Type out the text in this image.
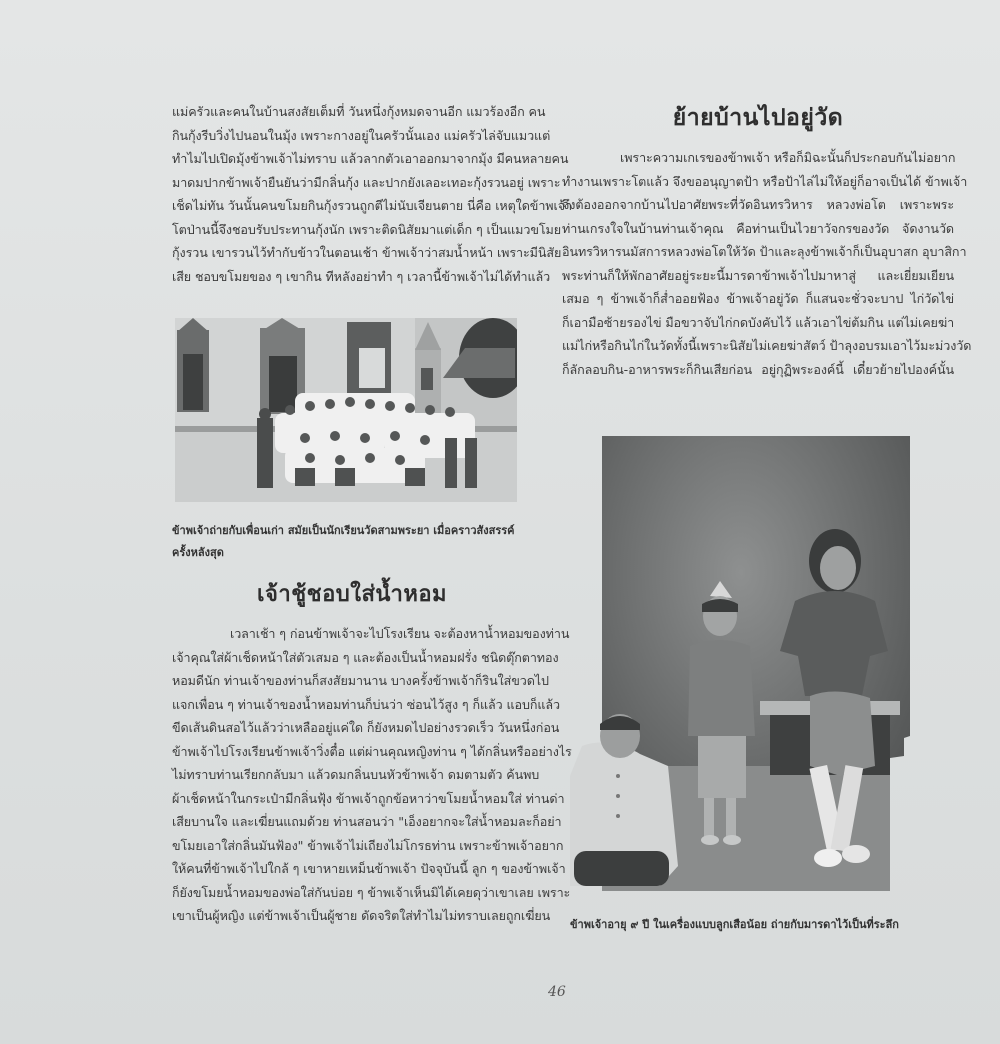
แม่ครัวและคนในบ้านสงสัยเต็มที่ วันหนึ่งกุ้งหมดจานอีก แมวร้องอีก คน
กินกุ้งรีบวิ่งไปนอนในมุ้ง เพราะกางอยู่ในครัวนั้นเอง แม่ครัวไล่จับแมวแต่
ทำไมไปเปิดมุ้งข้าพเจ้าไม่ทราบ แล้วลากตัวเอาออกมาจากมุ้ง มีคนหลายคน
มาดมปากข้าพเจ้ายืนยันว่ามีกลิ่นกุ้ง และปากยังเลอะเทอะกุ้งรวนอยู่ เพราะ
เช็ดไม่ทัน วันนั้นคนขโมยกินกุ้งรวนถูกตีไม่นับเจียนตาย นี่คือ เหตุใดข้าพเจ้า
โตป่านนี้จึงชอบรับประทานกุ้งนัก เพราะติดนิสัยมาแต่เด็ก ๆ เป็นแมวขโมย
กุ้งรวน เขารวนไว้ทำกับข้าวในตอนเช้า ข้าพเจ้าว่าสมน้ำหน้า เพราะมีนิสัย
เสีย ชอบขโมยของ ๆ เขากิน ทีหลังอย่าทำ ๆ เวลานี้ข้าพเจ้าไม่ได้ทำแล้ว

ข้าพเจ้าถ่ายกับเพื่อนเก่า สมัยเป็นนักเรียนวัดสามพระยา เมื่อคราวสังสรรค์
ครั้งหลังสุด

เจ้าชู้ชอบใส่น้ำหอม

เวลาเช้า ๆ ก่อนข้าพเจ้าจะไปโรงเรียน จะต้องหาน้ำหอมของท่าน
เจ้าคุณใส่ผ้าเช็ดหน้าใส่ตัวเสมอ ๆ และต้องเป็นน้ำหอมฝรั่ง ชนิดตุ๊กตาทอง
หอมดีนัก ท่านเจ้าของท่านก็สงสัยมานาน บางครั้งข้าพเจ้าก็รินใส่ขวดไป
แจกเพื่อน ๆ ท่านเจ้าของน้ำหอมท่านก็บ่นว่า ซ่อนไว้สูง ๆ ก็แล้ว แอบก็แล้ว
ขีดเส้นดินสอไว้แล้วว่าเหลืออยู่แค่ใด ก็ยังหมดไปอย่างรวดเร็ว วันหนึ่งก่อน
ข้าพเจ้าไปโรงเรียนข้าพเจ้าวิ่งตื๋อ แต่ผ่านคุณหญิงท่าน ๆ ได้กลิ่นหรืออย่างไร
ไม่ทราบท่านเรียกกลับมา แล้วดมกลิ่นบนหัวข้าพเจ้า ดมตามตัว ค้นพบ
ผ้าเช็ดหน้าในกระเป๋ามีกลิ่นฟุ้ง ข้าพเจ้าถูกข้อหาว่าขโมยน้ำหอมใส่ ท่านด่า
เสียบานใจ และเฆี่ยนแถมด้วย ท่านสอนว่า "เอ็งอยากจะใส่น้ำหอมละก็อย่า
ขโมยเอาใส่กลิ่นมันฟ้อง" ข้าพเจ้าไม่เถียงไม่โกรธท่าน เพราะข้าพเจ้าอยาก
ให้คนที่ข้าพเจ้าไปใกล้ ๆ เขาหายเหม็นข้าพเจ้า ปัจจุบันนี้ ลูก ๆ ของข้าพเจ้า
ก็ยังขโมยน้ำหอมของพ่อใส่กันบ่อย ๆ ข้าพเจ้าเห็นมิได้เคยดุว่าเขาเลย เพราะ
เขาเป็นผู้หญิง แต่ข้าพเจ้าเป็นผู้ชาย ดัดจริตใส่ทำไมไม่ทราบเลยถูกเฆี่ยน

ย้ายบ้านไปอยู่วัด

เพราะความเกเรของข้าพเจ้า หรือก็มิฉะนั้นก็ประกอบกันไม่อยาก
ทำงานเพราะโตแล้ว จึงขออนุญาตป้า หรือป้าไล่ไม่ให้อยู่ก็อาจเป็นได้ ข้าพเจ้า
จึงต้องออกจากบ้านไปอาศัยพระที่วัดอินทรวิหาร หลวงพ่อโต เพราะพระ
ท่านเกรงใจในบ้านท่านเจ้าคุณ คือท่านเป็นไวยาวัจกรของวัด จัดงานวัด
อินทรวิหารนมัสการหลวงพ่อโตให้วัด ป้าและลุงข้าพเจ้าก็เป็นอุบาสก อุบาสิกา
พระท่านก็ให้พักอาศัยอยู่ระยะนี้มารดาข้าพเจ้าไปมาหาสู่ และเยี่ยมเยียน
เสมอ ๆ ข้าพเจ้าก็ส่ำออยฟ้อง ข้าพเจ้าอยู่วัด ก็แสนจะชั่วจะบาป ไก่วัดไข่
ก็เอามือซ้ายรองไข่ มือขวาจับไก่กดบังคับไว้ แล้วเอาไข่ต้มกิน แต่ไม่เคยฆ่า
แม่ไก่หรือกินไก่ในวัดทั้งนี้เพราะนิสัยไม่เคยฆ่าสัตว์ ป้าลุงอบรมเอาไว้มะม่วงวัด
ก็ลักลอบกิน-อาหารพระก็กินเสียก่อน อยู่กุฏิพระองค์นี้ เดี๋ยวย้ายไปองค์นั้น

ข้าพเจ้าอายุ ๙ ปี ในเครื่องแบบลูกเสือน้อย ถ่ายกับมารดาไว้เป็นที่ระลึก

46
